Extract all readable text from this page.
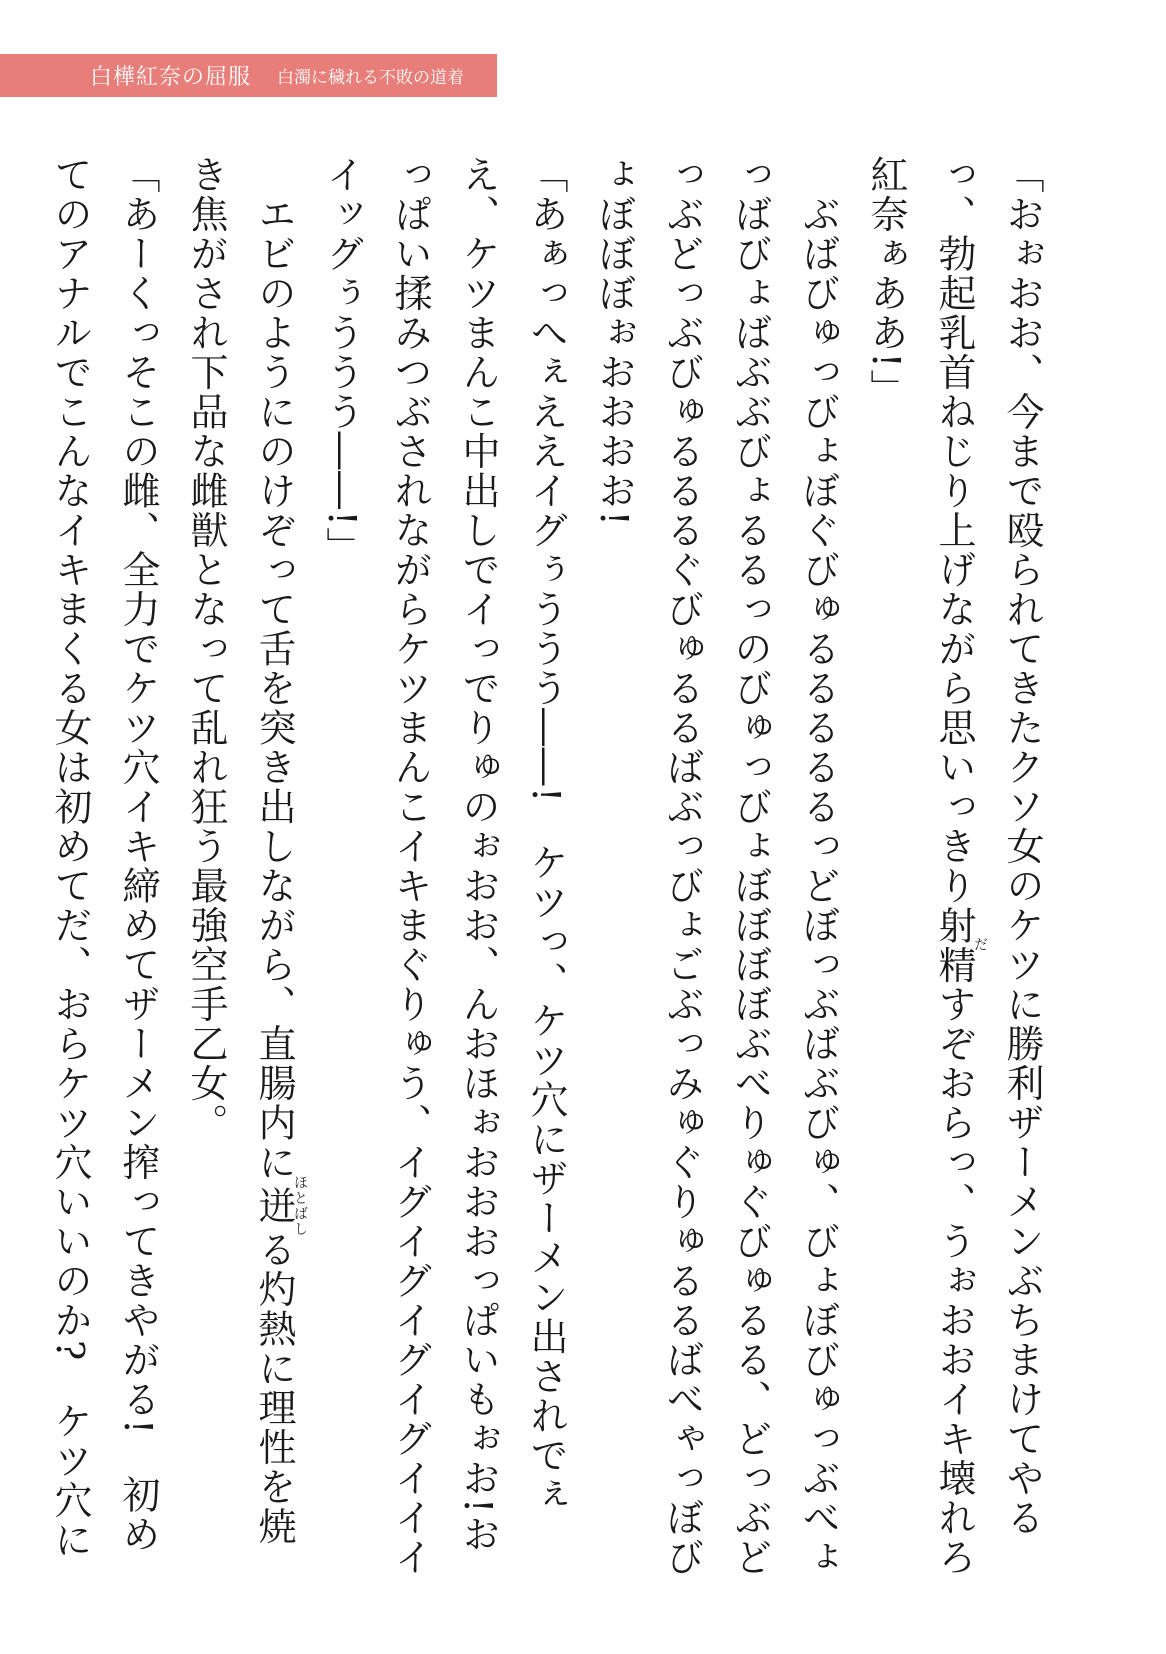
白樺紅奈の屈服 白濁に穢れる不敗の道着

「おぉおお、今まで殴られてきたクソ女のケツに勝利ザーメンぶちまけてやるっ、勃起乳首ねじり上げながら思いっきり射精だすぞおらっ、うぉおおイキ壊れろ紅奈ぁああ!」

　ぶばびゅっびょぼぐびゅるるるるるっどぼっぶばぶびゅ、びょぼびゅっぶべょっばびょばぶぶびょるるっのびゅっびょぼぼぼぼぶべりゅぐびゅるる、どっぶどっぶどっぶびゅるるるぐびゅるるばぶっびょごぶっみゅぐりゅるるばべゃっぼびょぼぼぼぉおおおお!

「あぁっへぇええイグぅううう――!　ケツっ、ケツ穴にザーメン出されでぇえ、ケツまんこ中出しでイっでりゅのぉおお、んおほぉおおおっぱいもぉお!おっぱい揉みつぶされながらケツまんこイキまぐりゅう、イグイグイグイグイイイイッグぅううう――!」

　エビのようにのけぞって舌を突き出しながら、直腸内に迸ほとばしる灼熱に理性を焼き焦がされ下品な雌獣となって乱れ狂う最強空手乙女。

「あーくっそこの雌、全力でケツ穴イキ締めてザーメン搾ってきやがる!　初めてのアナルでこんなイキまくる女は初めてだ、おらケツ穴いいのか?　ケツ穴に
